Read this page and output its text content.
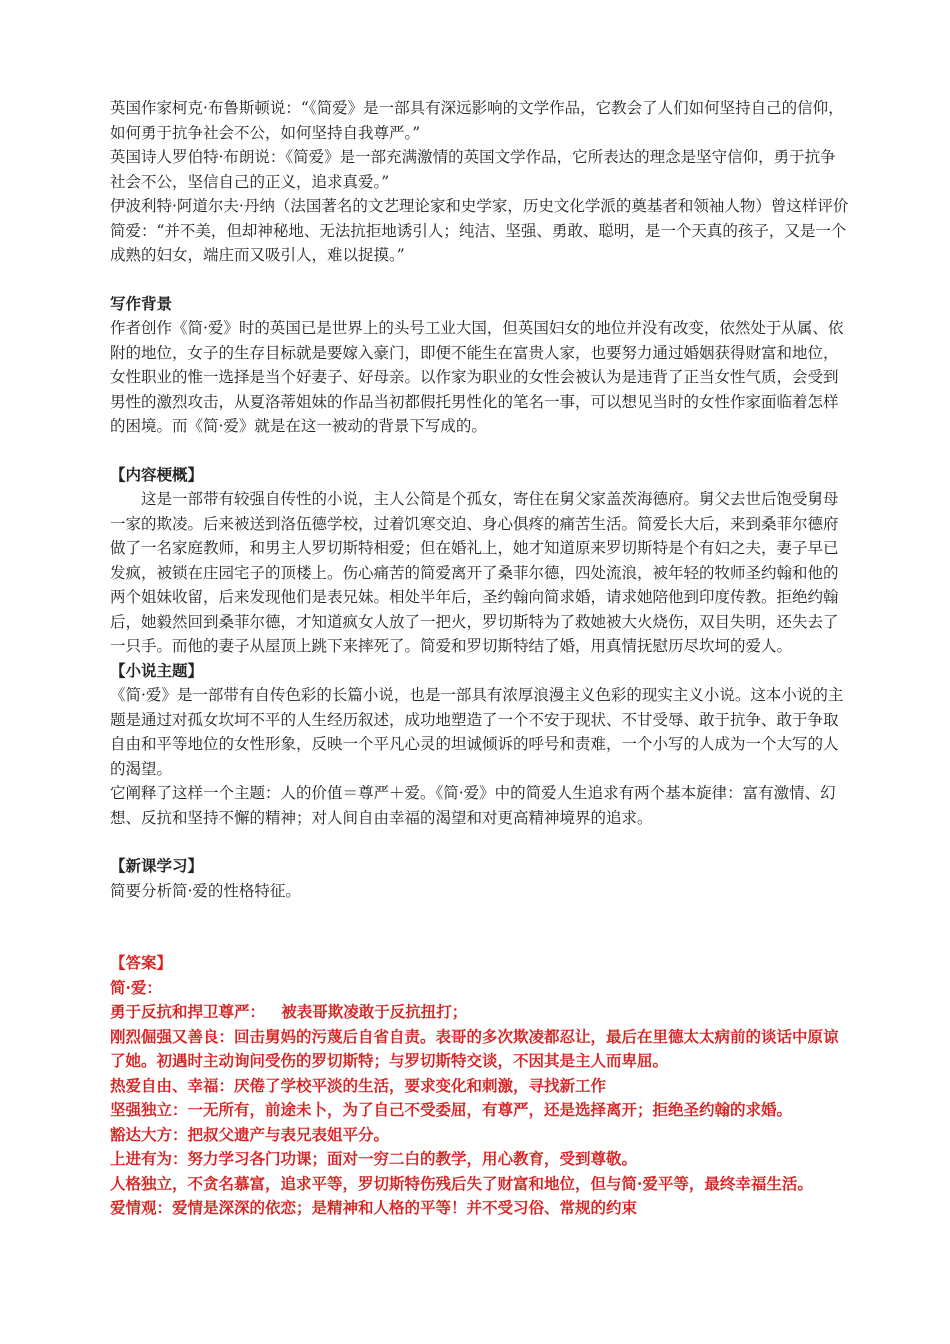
英国作家柯克·布鲁斯顿说：“《简爱》是一部具有深远影响的文学作品，它教会了人们如何坚持自己的信仰，如何勇于抗争社会不公，如何坚持自我尊严。”

英国诗人罗伯特·布朗说：《简爱》是一部充满激情的英国文学作品，它所表达的理念是坚守信仰，勇于抗争社会不公，坚信自己的正义，追求真爱。”

伊波利特·阿道尔夫·丹纳（法国著名的文艺理论家和史学家，历史文化学派的奠基者和领袖人物）曾这样评价简爱：“并不美，但却神秘地、无法抗拒地诱引人；纯洁、坚强、勇敢、聪明，是一个天真的孩子，又是一个成熟的妇女，端庄而又吸引人，难以捉摸。”

写作背景

作者创作《简·爱》时的英国已是世界上的头号工业大国，但英国妇女的地位并没有改变，依然处于从属、依附的地位，女子的生存目标就是要嫁入豪门，即便不能生在富贵人家，也要努力通过婚姻获得财富和地位，女性职业的惟一选择是当个好妻子、好母亲。以作家为职业的女性会被认为是违背了正当女性气质，会受到男性的激烈攻击，从夏洛蒂姐妹的作品当初都假托男性化的笔名一事，可以想见当时的女性作家面临着怎样的困境。而《简·爱》就是在这一被动的背景下写成的。

【内容梗概】

这是一部带有较强自传性的小说，主人公简是个孤女，寄住在舅父家盖茨海德府。舅父去世后饱受舅母一家的欺凌。后来被送到洛伍德学校，过着饥寒交迫、身心俱疼的痛苦生活。简爱长大后，来到桑菲尔德府做了一名家庭教师，和男主人罗切斯特相爱；但在婚礼上，她才知道原来罗切斯特是个有妇之夫，妻子早已发疯，被锁在庄园宅子的顶楼上。伤心痛苦的简爱离开了桑菲尔德，四处流浪，被年轻的牧师圣约翰和他的两个姐妹收留，后来发现他们是表兄妹。相处半年后，圣约翰向简求婚，请求她陪他到印度传教。拒绝约翰后，她毅然回到桑菲尔德，才知道疯女人放了一把火，罗切斯特为了救她被大火烧伤，双目失明，还失去了一只手。而他的妻子从屋顶上跳下来摔死了。简爱和罗切斯特结了婚，用真情抚慰历尽坎坷的爱人。

【小说主题】

《简·爱》是一部带有自传色彩的长篇小说，也是一部具有浓厚浪漫主义色彩的现实主义小说。这本小说的主题是通过对孤女坎坷不平的人生经历叙述，成功地塑造了一个不安于现状、不甘受辱、敢于抗争、敢于争取自由和平等地位的女性形象，反映一个平凡心灵的坦诚倾诉的呼号和责难，一个小写的人成为一个大写的人的渴望。

它阐释了这样一个主题：人的价值＝尊严＋爱。《简·爱》中的简爱人生追求有两个基本旋律：富有激情、幻想、反抗和坚持不懈的精神；对人间自由幸福的渴望和对更高精神境界的追求。

【新课学习】

简要分析简·爱的性格特征。

【答案】

简·爱：

勇于反抗和捍卫尊严：   被表哥欺凌敢于反抗扭打；

刚烈倔强又善良：回击舅妈的污蔑后自省自责。表哥的多次欺凌都忍让，最后在里德太太病前的谈话中原谅了她。初遇时主动询问受伤的罗切斯特；与罗切斯特交谈，不因其是主人而卑屈。

热爱自由、幸福：厌倦了学校平淡的生活，要求变化和刺激，寻找新工作

坚强独立：一无所有，前途未卜，为了自己不受委屈，有尊严，还是选择离开；拒绝圣约翰的求婚。

豁达大方：把叔父遗产与表兄表姐平分。

上进有为：努力学习各门功课；面对一穷二白的教学，用心教育，受到尊敬。

人格独立，不贪名慕富，追求平等，罗切斯特伤残后失了财富和地位，但与简·爱平等，最终幸福生活。

爱情观：爱情是深深的依恋；是精神和人格的平等！并不受习俗、常规的约束
